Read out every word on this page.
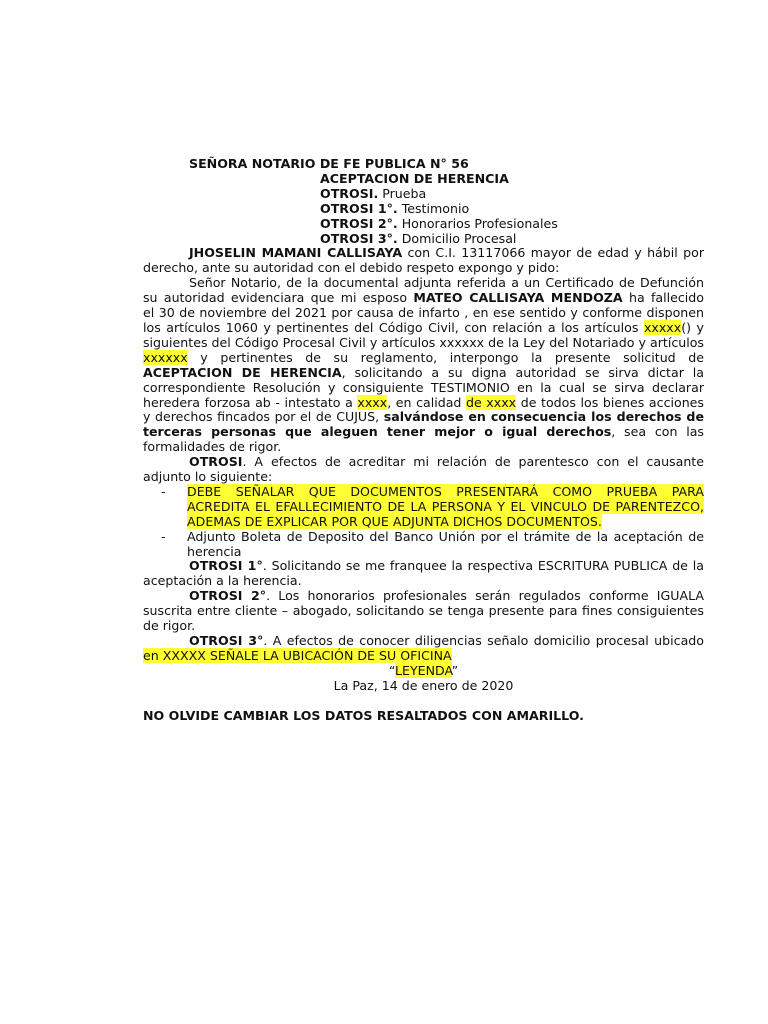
SEÑORA NOTARIO DE FE PUBLICA N° 56
ACEPTACION DE HERENCIA
OTROSI. Prueba
OTROSI 1°. Testimonio
OTROSI 2°. Honorarios Profesionales
OTROSI 3°. Domicilio Procesal
JHOSELIN MAMANI CALLISAYA con C.I. 13117066 mayor de edad y hábil por
derecho, ante su autoridad con el debido respeto expongo y pido:
Señor Notario, de la documental adjunta referida a un Certificado de Defunción
su autoridad evidenciara que mi esposo MATEO CALLISAYA MENDOZA ha fallecido
el 30 de noviembre del 2021 por causa de infarto , en ese sentido y conforme disponen
los artículos 1060 y pertinentes del Código Civil, con relación a los artículos xxxxx() y
siguientes del Código Procesal Civil y artículos xxxxxx de la Ley del Notariado y artículos
xxxxxx y pertinentes de su reglamento, interpongo la presente solicitud de
ACEPTACION DE HERENCIA, solicitando a su digna autoridad se sirva dictar la
correspondiente Resolución y consiguiente TESTIMONIO en la cual se sirva declarar
heredera forzosa ab - intestato a xxxx, en calidad de xxxx de todos los bienes acciones
y derechos fincados por el de CUJUS, salvándose en consecuencia los derechos de
terceras personas que aleguen tener mejor o igual derechos, sea con las
formalidades de rigor.
OTROSI. A efectos de acreditar mi relación de parentesco con el causante
adjunto lo siguiente:
-	DEBE SEÑALAR QUE DOCUMENTOS PRESENTARÁ COMO PRUEBA PARA
ACREDITA EL EFALLECIMIENTO DE LA PERSONA Y EL VINCULO DE PARENTEZCO,
ADEMAS DE EXPLICAR POR QUE ADJUNTA DICHOS DOCUMENTOS.
-	Adjunto Boleta de Deposito del Banco Unión por el trámite de la aceptación de
herencia
OTROSI 1°. Solicitando se me franquee la respectiva ESCRITURA PUBLICA de la
aceptación a la herencia.
OTROSI 2°. Los honorarios profesionales serán regulados conforme IGUALA
suscrita entre cliente – abogado, solicitando se tenga presente para fines consiguientes
de rigor.
OTROSI 3°. A efectos de conocer diligencias señalo domicilio procesal ubicado
en XXXXX SEÑALE LA UBICACIÓN DE SU OFICINA
“LEYENDA”
La Paz, 14 de enero de 2020
NO OLVIDE CAMBIAR LOS DATOS RESALTADOS CON AMARILLO.
